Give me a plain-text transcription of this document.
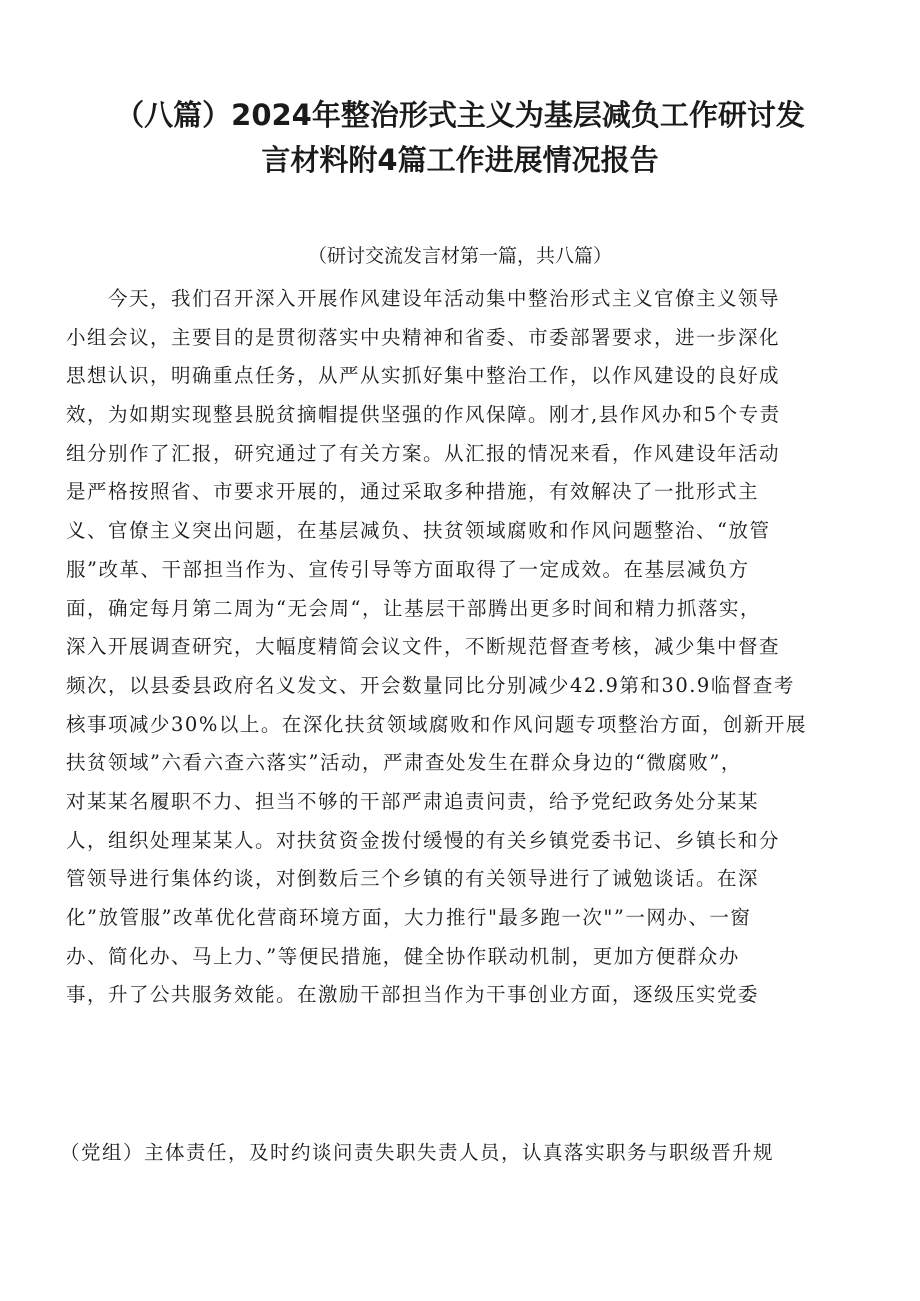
（八篇）2024年整治形式主义为基层减负工作研讨发
言材料附4篇工作进展情况报告
（研讨交流发言材第一篇，共八篇）
今天，我们召开深入开展作风建设年活动集中整治形式主义官僚主义领导
小组会议，主要目的是贯彻落实中央精神和省委、市委部署要求，进一步深化
思想认识，明确重点任务，从严从实抓好集中整治工作，以作风建设的良好成
效，为如期实现整县脱贫摘帽提供坚强的作风保障。刚才,县作风办和5个专责
组分别作了汇报，研究通过了有关方案。从汇报的情况来看，作风建设年活动
是严格按照省、市要求开展的，通过采取多种措施，有效解决了一批形式主
义、官僚主义突出问题，在基层减负、扶贫领域腐败和作风问题整治、“放管
服”改革、干部担当作为、宣传引导等方面取得了一定成效。在基层减负方
面，确定每月第二周为“无会周“，让基层干部腾出更多时间和精力抓落实，
深入开展调查研究，大幅度精简会议文件，不断规范督查考核，减少集中督查
频次，以县委县政府名义发文、开会数量同比分别减少42.9第和30.9临督查考
核事项减少30%以上。在深化扶贫领域腐败和作风问题专项整治方面，创新开展
扶贫领域”六看六查六落实”活动，严肃查处发生在群众身边的“微腐败”，
对某某名履职不力、担当不够的干部严肃追责问责，给予党纪政务处分某某
人，组织处理某某人。对扶贫资金拨付缓慢的有关乡镇党委书记、乡镇长和分
管领导进行集体约谈，对倒数后三个乡镇的有关领导进行了诫勉谈话。在深
化”放管服”改革优化营商环境方面，大力推行"最多跑一次"”一网办、一窗
办、简化办、马上力、”等便民措施，健全协作联动机制，更加方便群众办
事，升了公共服务效能。在激励干部担当作为干事创业方面，逐级压实党委
（党组）主体责任，及时约谈问责失职失责人员，认真落实职务与职级晋升规
